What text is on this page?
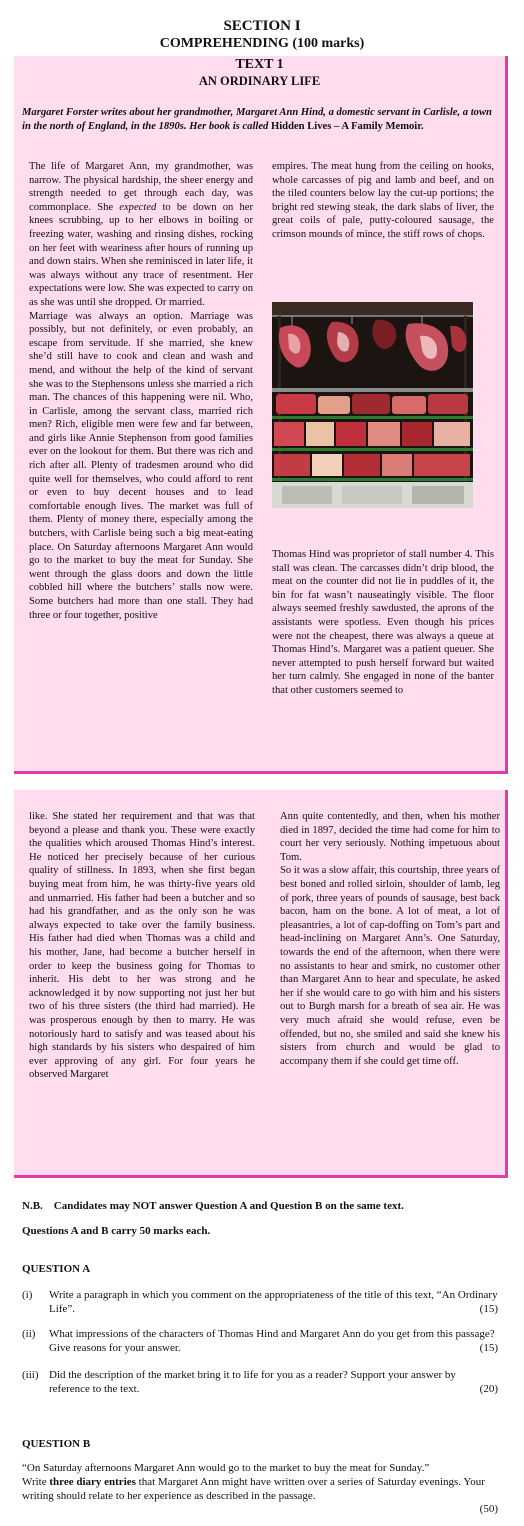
SECTION I
COMPREHENDING (100 marks)
TEXT 1
AN ORDINARY LIFE
Margaret Forster writes about her grandmother, Margaret Ann Hind, a domestic servant in Carlisle, a town in the north of England, in the 1890s. Her book is called Hidden Lives – A Family Memoir.

The life of Margaret Ann, my grandmother, was narrow. The physical hardship, the sheer energy and strength needed to get through each day, was commonplace. She expected to be down on her knees scrubbing, up to her elbows in boiling or freezing water, washing and rinsing dishes, rocking on her feet with weariness after hours of running up and down stairs. When she reminisced in later life, it was always without any trace of resentment. Her expectations were low. She was expected to carry on as she was until she dropped. Or married.

Marriage was always an option. Marriage was possibly, but not definitely, or even probably, an escape from servitude. If she married, she knew she’d still have to cook and clean and wash and mend, and without the help of the kind of servant she was to the Stephensons unless she married a rich man. The chances of this happening were nil. Who, in Carlisle, among the servant class, married rich men? Rich, eligible men were few and far between, and girls like Annie Stephenson from good families ever on the lookout for them. But there was rich and rich after all. Plenty of tradesmen around who did quite well for themselves, who could afford to rent or even to buy decent houses and to lead comfortable enough lives. The market was full of them. Plenty of money there, especially among the butchers, with Carlisle being such a big meat-eating place. On Saturday afternoons Margaret Ann would go to the market to buy the meat for Sunday. She went through the glass doors and down the little cobbled hill where the butchers’ stalls now were. Some butchers had more than one stall. They had three or four together, positive

empires. The meat hung from the ceiling on hooks, whole carcasses of pig and lamb and beef, and on the tiled counters below lay the cut-up portions; the bright red stewing steak, the dark slabs of liver, the great coils of pale, putty-coloured sausage, the crimson mounds of mince, the stiff rows of chops.

Thomas Hind was proprietor of stall number 4. This stall was clean. The carcasses didn’t drip blood, the meat on the counter did not lie in puddles of it, the bin for fat wasn’t nauseatingly visible. The floor always seemed freshly sawdusted, the aprons of the assistants were spotless. Even though his prices were not the cheapest, there was always a queue at Thomas Hind’s. Margaret was a patient queuer. She never attempted to push herself forward but waited her turn calmly. She engaged in none of the banter that other customers seemed to

like. She stated her requirement and that was that beyond a please and thank you. These were exactly the qualities which aroused Thomas Hind’s interest. He noticed her precisely because of her curious quality of stillness. In 1893, when she first began buying meat from him, he was thirty-five years old and unmarried. His father had been a butcher and so had his grandfather, and as the only son he was always expected to take over the family business. His father had died when Thomas was a child and his mother, Jane, had become a butcher herself in order to keep the business going for Thomas to inherit. His debt to her was strong and he acknowledged it by now supporting not just her but two of his three sisters (the third had married). He was prosperous enough by then to marry. He was notoriously hard to satisfy and was teased about his high standards by his sisters who despaired of him ever approving of any girl. For four years he observed Margaret

Ann quite contentedly, and then, when his mother died in 1897, decided the time had come for him to court her very seriously. Nothing impetuous about Tom.

So it was a slow affair, this courtship, three years of best boned and rolled sirloin, shoulder of lamb, leg of pork, three years of pounds of sausage, best back bacon, ham on the bone. A lot of meat, a lot of pleasantries, a lot of cap-doffing on Tom’s part and head-inclining on Margaret Ann’s. One Saturday, towards the end of the afternoon, when there were no assistants to hear and smirk, no customer other than Margaret Ann to hear and speculate, he asked her if she would care to go with him and his sisters out to Burgh marsh for a breath of sea air. He was very much afraid she would refuse, even be offended, but no, she smiled and said she knew his sisters from church and would be glad to accompany them if she could get time off.

N.B.    Candidates may NOT answer Question A and Question B on the same text.
Questions A and B carry 50 marks each.
QUESTION A
(i) Write a paragraph in which you comment on the appropriateness of the title of this text, “An Ordinary Life”.	(15)
(ii) What impressions of the characters of Thomas Hind and Margaret Ann do you get from this passage? Give reasons for your answer.	(15)
(iii) Did the description of the market bring it to life for you as a reader? Support your answer by reference to the text.	(20)
QUESTION B
“On Saturday afternoons Margaret Ann would go to the market to buy the meat for Sunday.”
Write three diary entries that Margaret Ann might have written over a series of Saturday evenings. Your writing should relate to her experience as described in the passage.
(50)
